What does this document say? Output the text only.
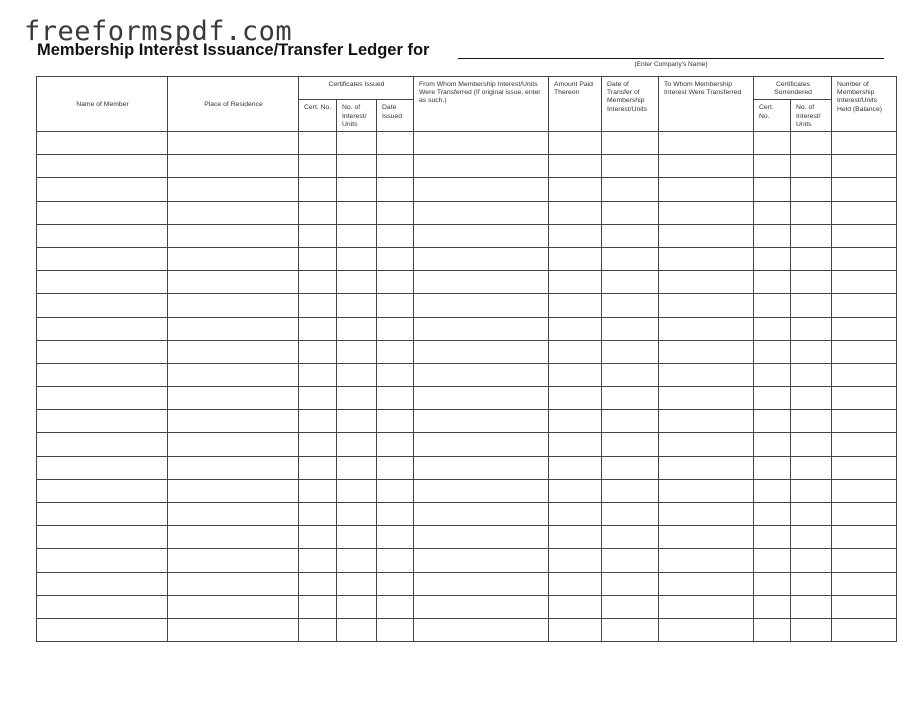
freeformspdf.com
Membership Interest Issuance/Transfer Ledger for
(Enter Company's Name)
Name of Member	Place of Residence	Certificates Issued			From Whom Membership Interest/Units Were Transferred (If original issue, enter as such.)	Amount Paid Thereon	Date of Transfer of Membership Interest/Units	To Whom Membership Interest Were Transferred	Certificates Surrendered		Number of Membership Interest/Units Held (Balance)
		Cert. No.	No. of Interest/ Units	Date Issued					Cert. No.	No. of Interest/ Units	
